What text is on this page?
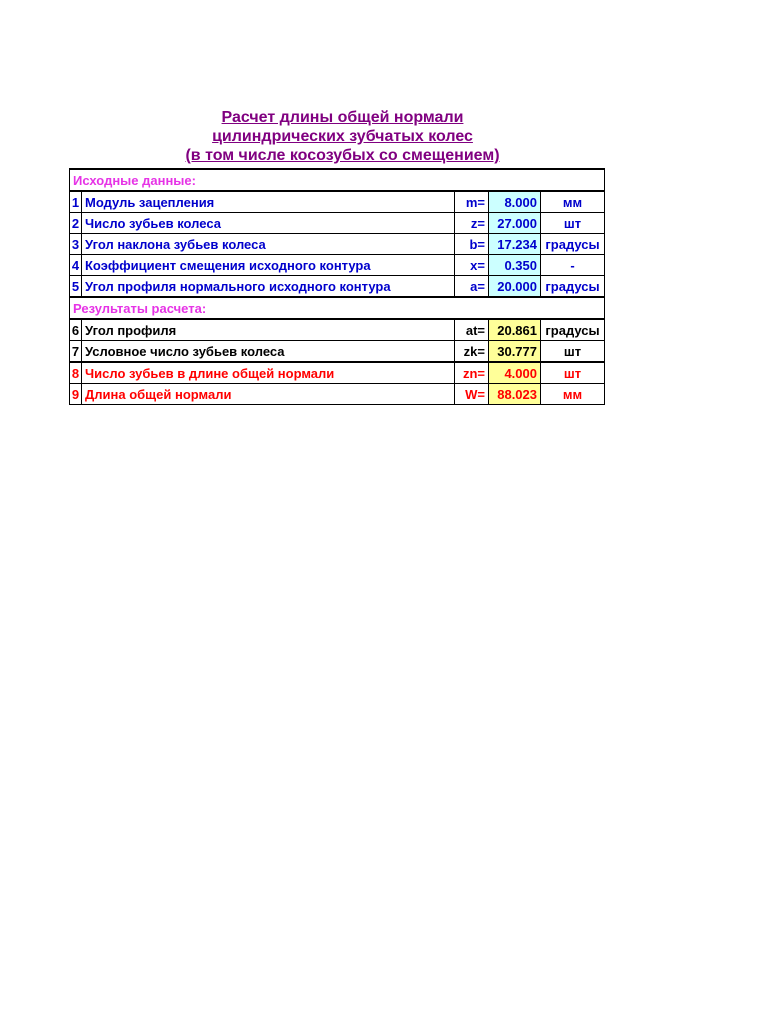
Расчет длины общей нормали
цилиндрических зубчатых колес
(в том числе косозубых со смещением)
Исходные данные:				
1	Модуль зацепления	m=	8.000	мм
2	Число зубьев колеса	z=	27.000	шт
3	Угол наклона зубьев колеса	b=	17.234	градусы
4	Коэффициент смещения исходного контура	x=	0.350	-
5	Угол профиля нормального исходного контура	a=	20.000	градусы
Результаты расчета:				
6	Угол профиля	at=	20.861	градусы
7	Условное число зубьев колеса	zk=	30.777	шт
8	Число зубьев в длине общей нормали	zn=	4.000	шт
9	Длина общей нормали	W=	88.023	мм
